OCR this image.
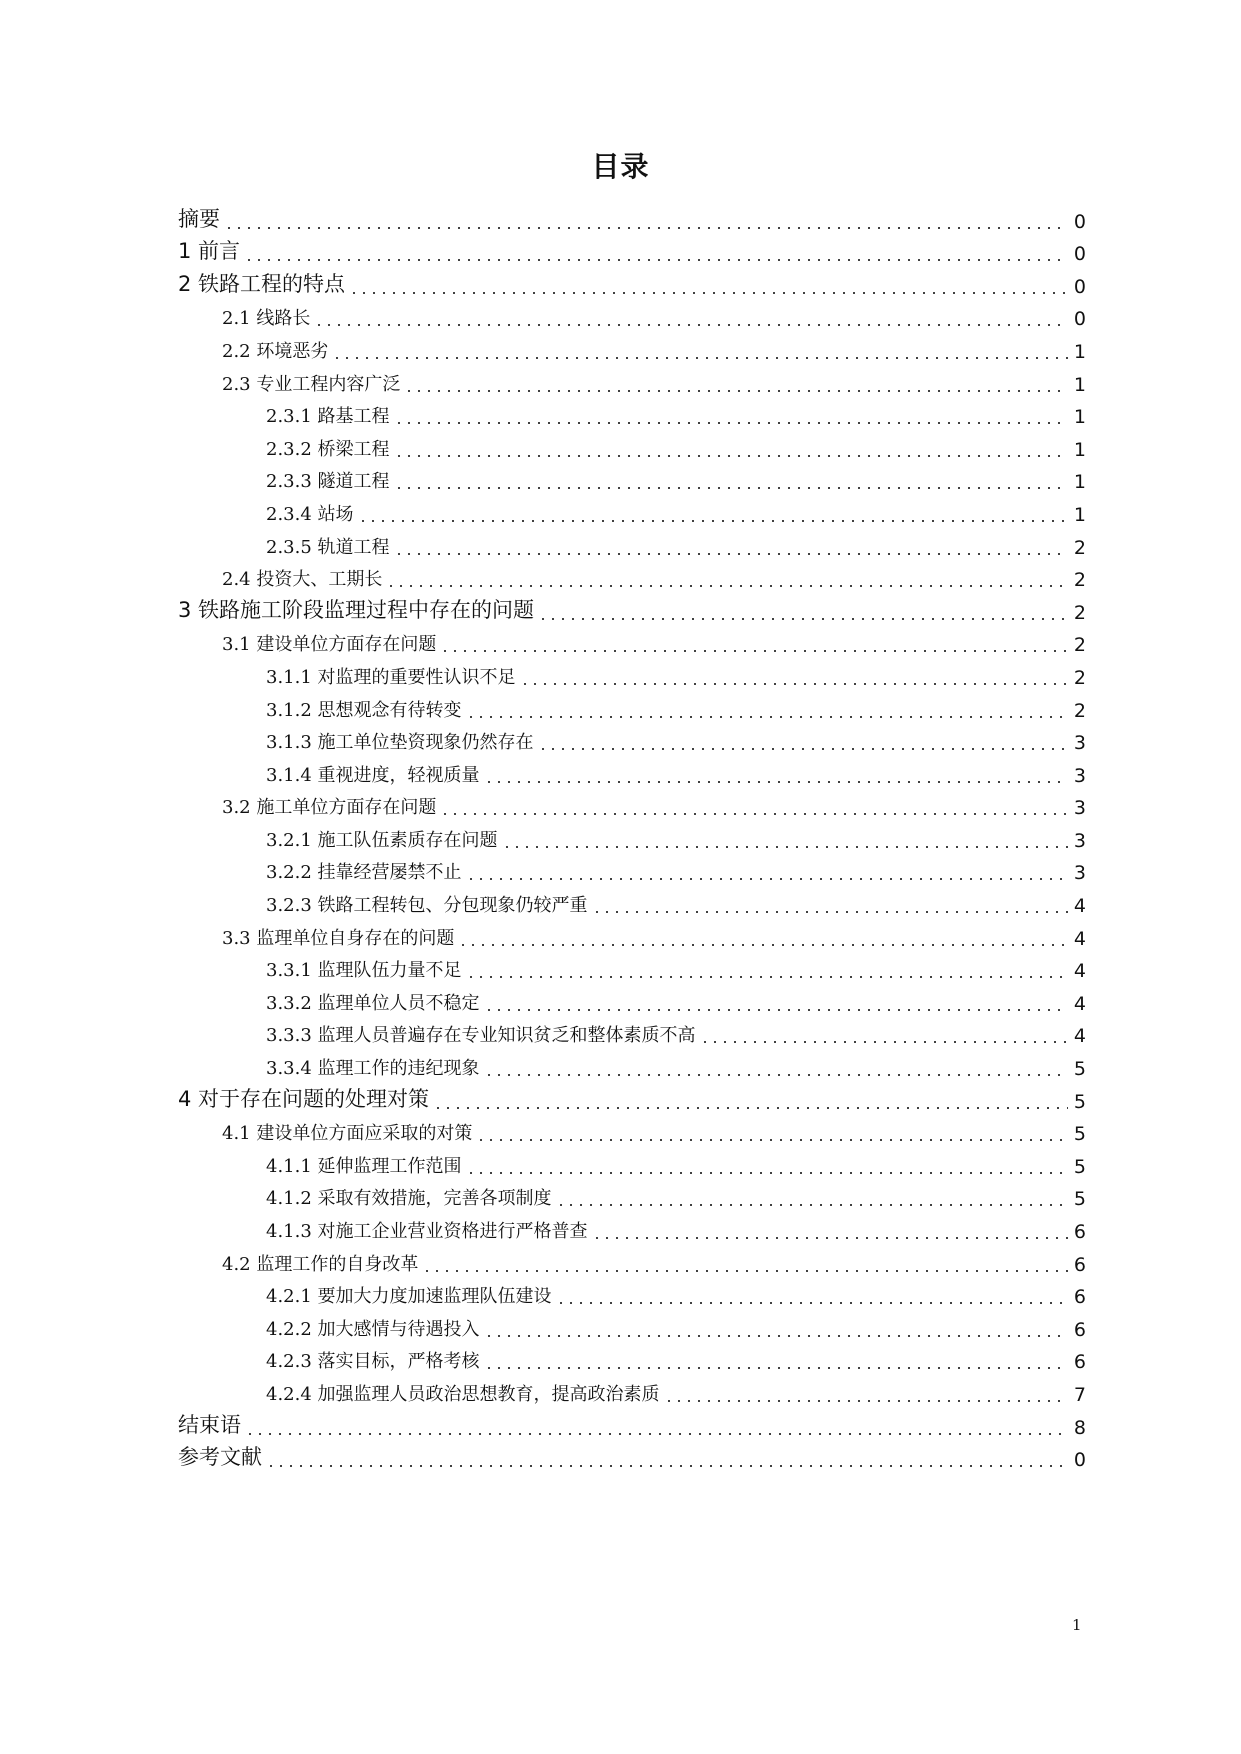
目录
摘要	0
1 前言	0
2 铁路工程的特点	0
2.1 线路长	0
2.2 环境恶劣	1
2.3 专业工程内容广泛	1
2.3.1 路基工程	1
2.3.2 桥梁工程	1
2.3.3 隧道工程	1
2.3.4 站场	1
2.3.5 轨道工程	2
2.4 投资大、工期长	2
3 铁路施工阶段监理过程中存在的问题	2
3.1 建设单位方面存在问题	2
3.1.1 对监理的重要性认识不足	2
3.1.2 思想观念有待转变	2
3.1.3 施工单位垫资现象仍然存在	3
3.1.4 重视进度，轻视质量	3
3.2 施工单位方面存在问题	3
3.2.1 施工队伍素质存在问题	3
3.2.2 挂靠经营屡禁不止	3
3.2.3 铁路工程转包、分包现象仍较严重	4
3.3 监理单位自身存在的问题	4
3.3.1 监理队伍力量不足	4
3.3.2 监理单位人员不稳定	4
3.3.3 监理人员普遍存在专业知识贫乏和整体素质不高	4
3.3.4 监理工作的违纪现象	5
4 对于存在问题的处理对策	5
4.1 建设单位方面应采取的对策	5
4.1.1 延伸监理工作范围	5
4.1.2 采取有效措施，完善各项制度	5
4.1.3 对施工企业营业资格进行严格普查	6
4.2 监理工作的自身改革	6
4.2.1 要加大力度加速监理队伍建设	6
4.2.2 加大感情与待遇投入	6
4.2.3 落实目标，严格考核	6
4.2.4 加强监理人员政治思想教育，提高政治素质	7
结束语	8
参考文献	0
1
